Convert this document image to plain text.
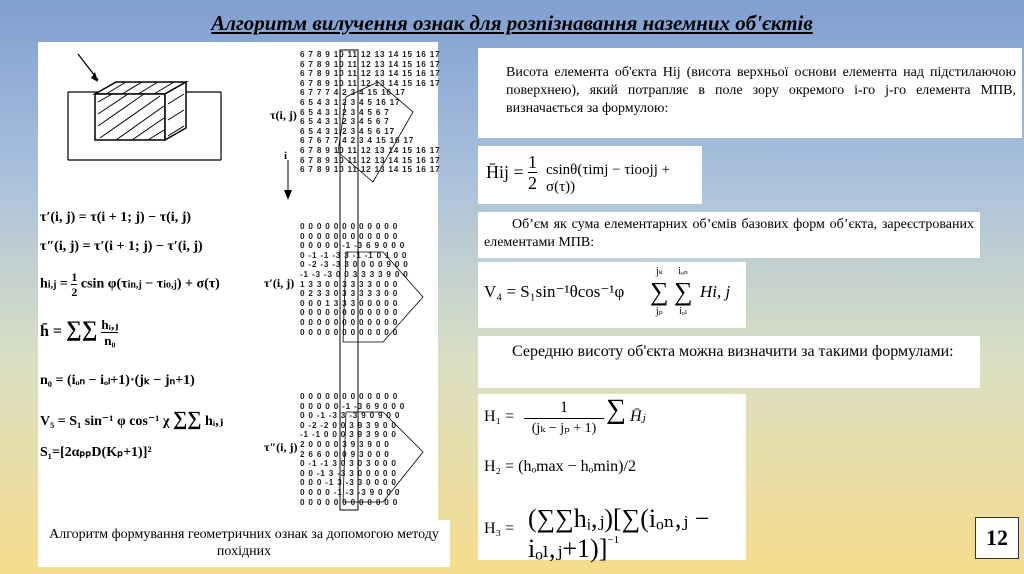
Алгоритм вилучення ознак для розпізнавання наземних об'єктів
τ′(i, j) = τ(i + 1; j) − τ(i, j)
τ″(i, j) = τ′(i + 1; j) − τ′(i, j)
$hi,j = \frac{1}{2}$ csin φ(τin,j − τio,j) + σ(τ)
h̄ = ∑∑ $\frac{\text{hᵢ,ⱼ}}{\text{n₀}}$
n₀ = (iₒₙ − iₒₗ+1)·(jₖ − jₙ+1)
V₅ = S₁ sin⁻¹ φ cos⁻¹ χ ∑∑ hᵢ,ⱼ
S₁=[2αₚₚD(Kₚ+1)]²
τ(i, j)
i
τ′(i, j)
τ″(i, j)
6 7 8 9 10 11 12 13 14 15 16 17
6 7 8 9 10 11 12 13 14 15 16 17
6 7 8 9 10 11 12 13 14 15 16 17
6 7 8 9 10 11 12 13 14 15 16 17
6 7 7 7 4 2 3 4 15 16 17
6 5 4 3 1 2 3 4 5 16 17
6 5 4 3 1 2 3 4 5 6 7
6 5 4 3 1 2 3 4 5 6 7
6 5 4 3 1 2 3 4 5 6 17
6 7 6 7 7 4 2 3 4 15 16 17
6 7 8 9 10 11 12 13 14 15 16 17
6 7 8 9 10 11 12 13 14 15 16 17
6 7 8 9 10 11 12 13 14 15 16 17
0 0 0 0 0 0 0 0 0 0 0 0
0 0 0 0 0 0 0 0 0 0 0 0
0 0 0 0 0 -1 -3 6 9 0 0 0
0 -1 -1 -3 3 -1 -1 0 1 0 0
0 -2 -3 -3 3 0 0 0 0 9 0 0
-1 -3 -3 0 0 3 3 3 3 9 0 0
1 3 3 0 0 3 3 3 3 0 0 0
0 2 3 3 0 3 3 3 3 3 0 0
0 0 0 1 3 3 3 0 0 0 0 0
0 0 0 0 0 0 0 0 0 0 0 0
0 0 0 0 0 0 0 0 0 0 0 0
0 0 0 0 0 0 0 0 0 0 0 0
0 0 0 0 0 0 0 0 0 0 0 0
0 0 0 0 0 -1 -3 6 9 0 0 0
0 0 -1 -3 3 -3 9 0 9 0 0
0 -2 -2 0 0 3 9 3 9 0 0
-1 -1 0 0 0 3 9 3 9 0 0
2 0 0 0 0 3 9 3 9 0 0
2 6 6 0 0 0 9 3 0 0 0
0 -1 -1 3 0 3 0 3 0 0 0
0 0 -1 3 -3 3 0 0 0 0 0
0 0 0 -1 3 -3 3 0 0 0 0
0 0 0 0 -1 -3 -3 9 0 0 0
0 0 0 0 0 0 0 0 0 0 0 0
Алгоритм формування геометричних ознак за допомогою методу похідних
Висота елемента об'єкта Hij (висота верхньої основи елемента над підстилаючою поверхнею), який потрапляє в поле зору окремого i-го j-го елемента МПВ, визначається за формулою:
H̄ij = 1
2
csinθ(τimj − τioojj + σ(τ))
Об’єм як сума елементарних об’ємів базових форм об’єкта, зареєстрованих елементами МПВ:
V₄ = S₁sin⁻¹θcos⁻¹φ
jₖ
∑
jₚ
iₒₙ
∑
iₒₗ
Hi, j
Середню висоту об'єкта можна визначити за такими формулами:
H₁ =
1
(jₖ − jₚ + 1)
∑ H̄ⱼ
H₂ = (hₒmax − hₒmin)/2
H₃ = (∑∑hᵢ,ⱼ)[∑(iₒₙ,ⱼ − iₒₗ,ⱼ+1)]$^{-1}$	12
